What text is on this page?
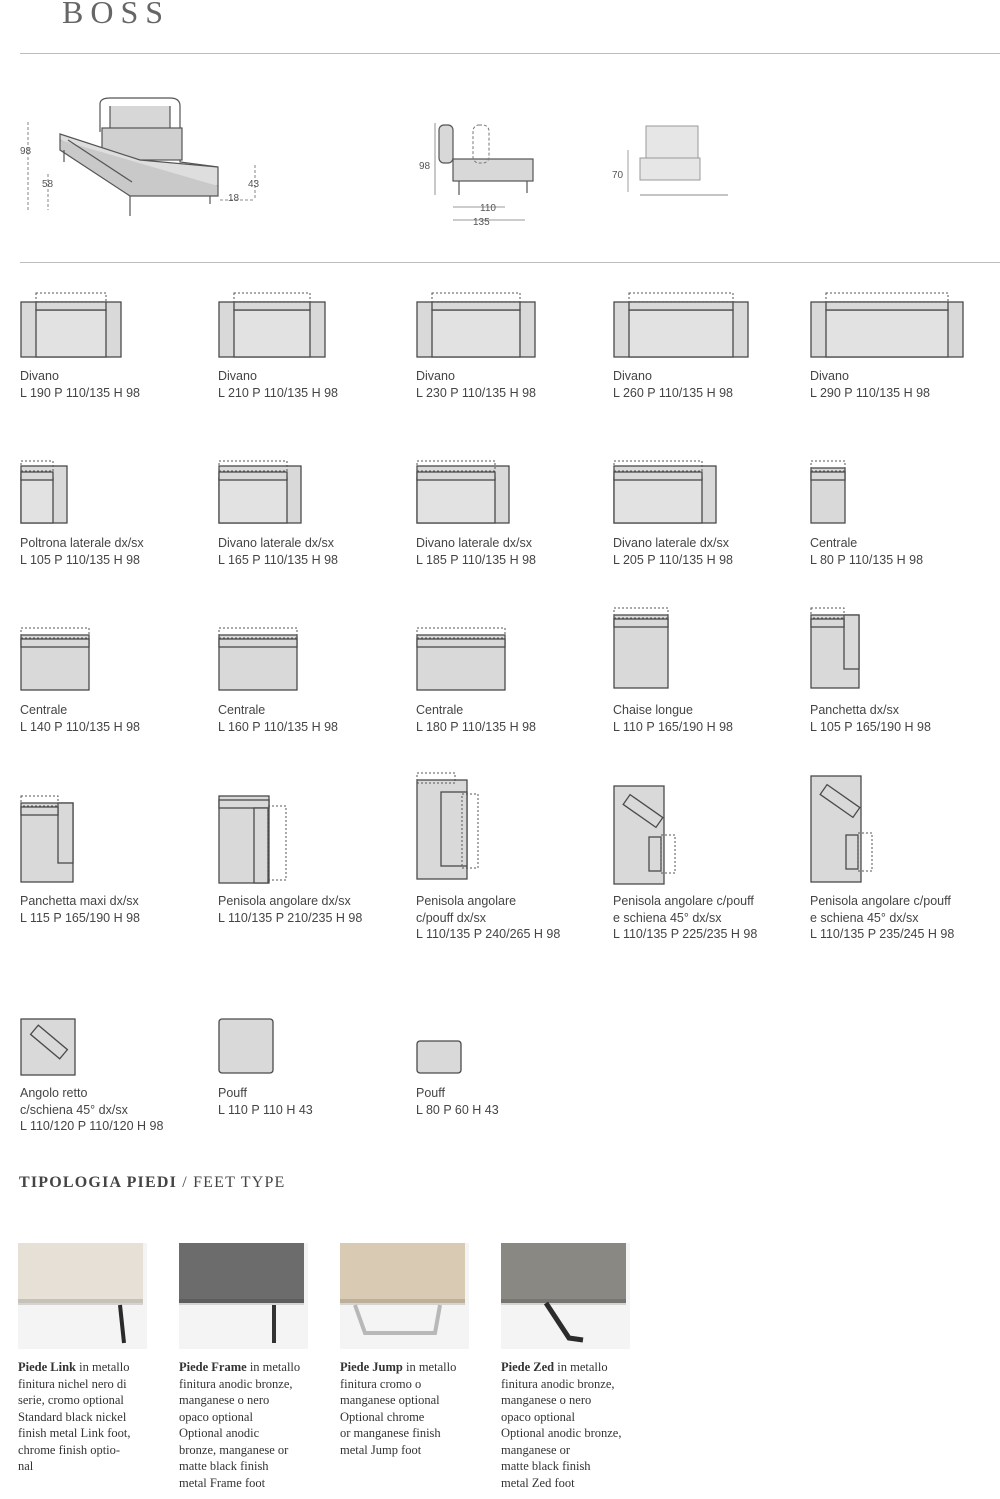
BOSS
98
58	43
18
98
110
135
70
Divano
L 190 P 110/135 H 98
Divano
L 210 P 110/135 H 98
Divano
L 230 P 110/135 H 98
Divano
L 260 P 110/135 H 98
Divano
L 290 P 110/135 H 98
Poltrona laterale dx/sx
L 105 P 110/135 H 98
Divano laterale dx/sx
L 165 P 110/135 H 98
Divano laterale dx/sx
L 185 P 110/135 H 98
Divano laterale dx/sx
L 205 P 110/135 H 98
Centrale
L 80 P 110/135 H 98
Centrale
L 140 P 110/135 H 98
Centrale
L 160 P 110/135 H 98
Centrale
L 180 P 110/135 H 98
Chaise longue
L 110 P 165/190 H 98
Panchetta dx/sx
L 105 P 165/190 H 98
Panchetta maxi dx/sx
L 115 P 165/190 H 98
Penisola angolare dx/sx
L 110/135 P 210/235 H 98
Penisola angolare
c/pouff dx/sx
L 110/135 P 240/265 H 98
Penisola angolare c/pouff
e schiena 45° dx/sx
L 110/135 P 225/235 H 98
Penisola angolare c/pouff
e schiena 45° dx/sx
L 110/135 P 235/245 H 98
Angolo retto
c/schiena 45° dx/sx
L 110/120 P 110/120 H 98
Pouff
L 110 P 110 H 43
Pouff
L 80 P 60 H 43
TIPOLOGIA PIEDI / FEET TYPE
Piede Link in metallo
finitura nichel nero di
serie, cromo optional
Standard black nickel
finish metal Link foot,
chrome finish optio-
nal
Piede Frame in metallo
finitura anodic bronze,
manganese o nero
opaco optional
Optional anodic
bronze, manganese or
matte black finish
metal Frame foot
Piede Jump in metallo
finitura cromo o
manganese optional
Optional chrome
or manganese finish
metal Jump foot
Piede Zed in metallo
finitura anodic bronze,
manganese o nero
opaco optional
Optional anodic bronze,
manganese or
matte black finish
metal Zed foot
